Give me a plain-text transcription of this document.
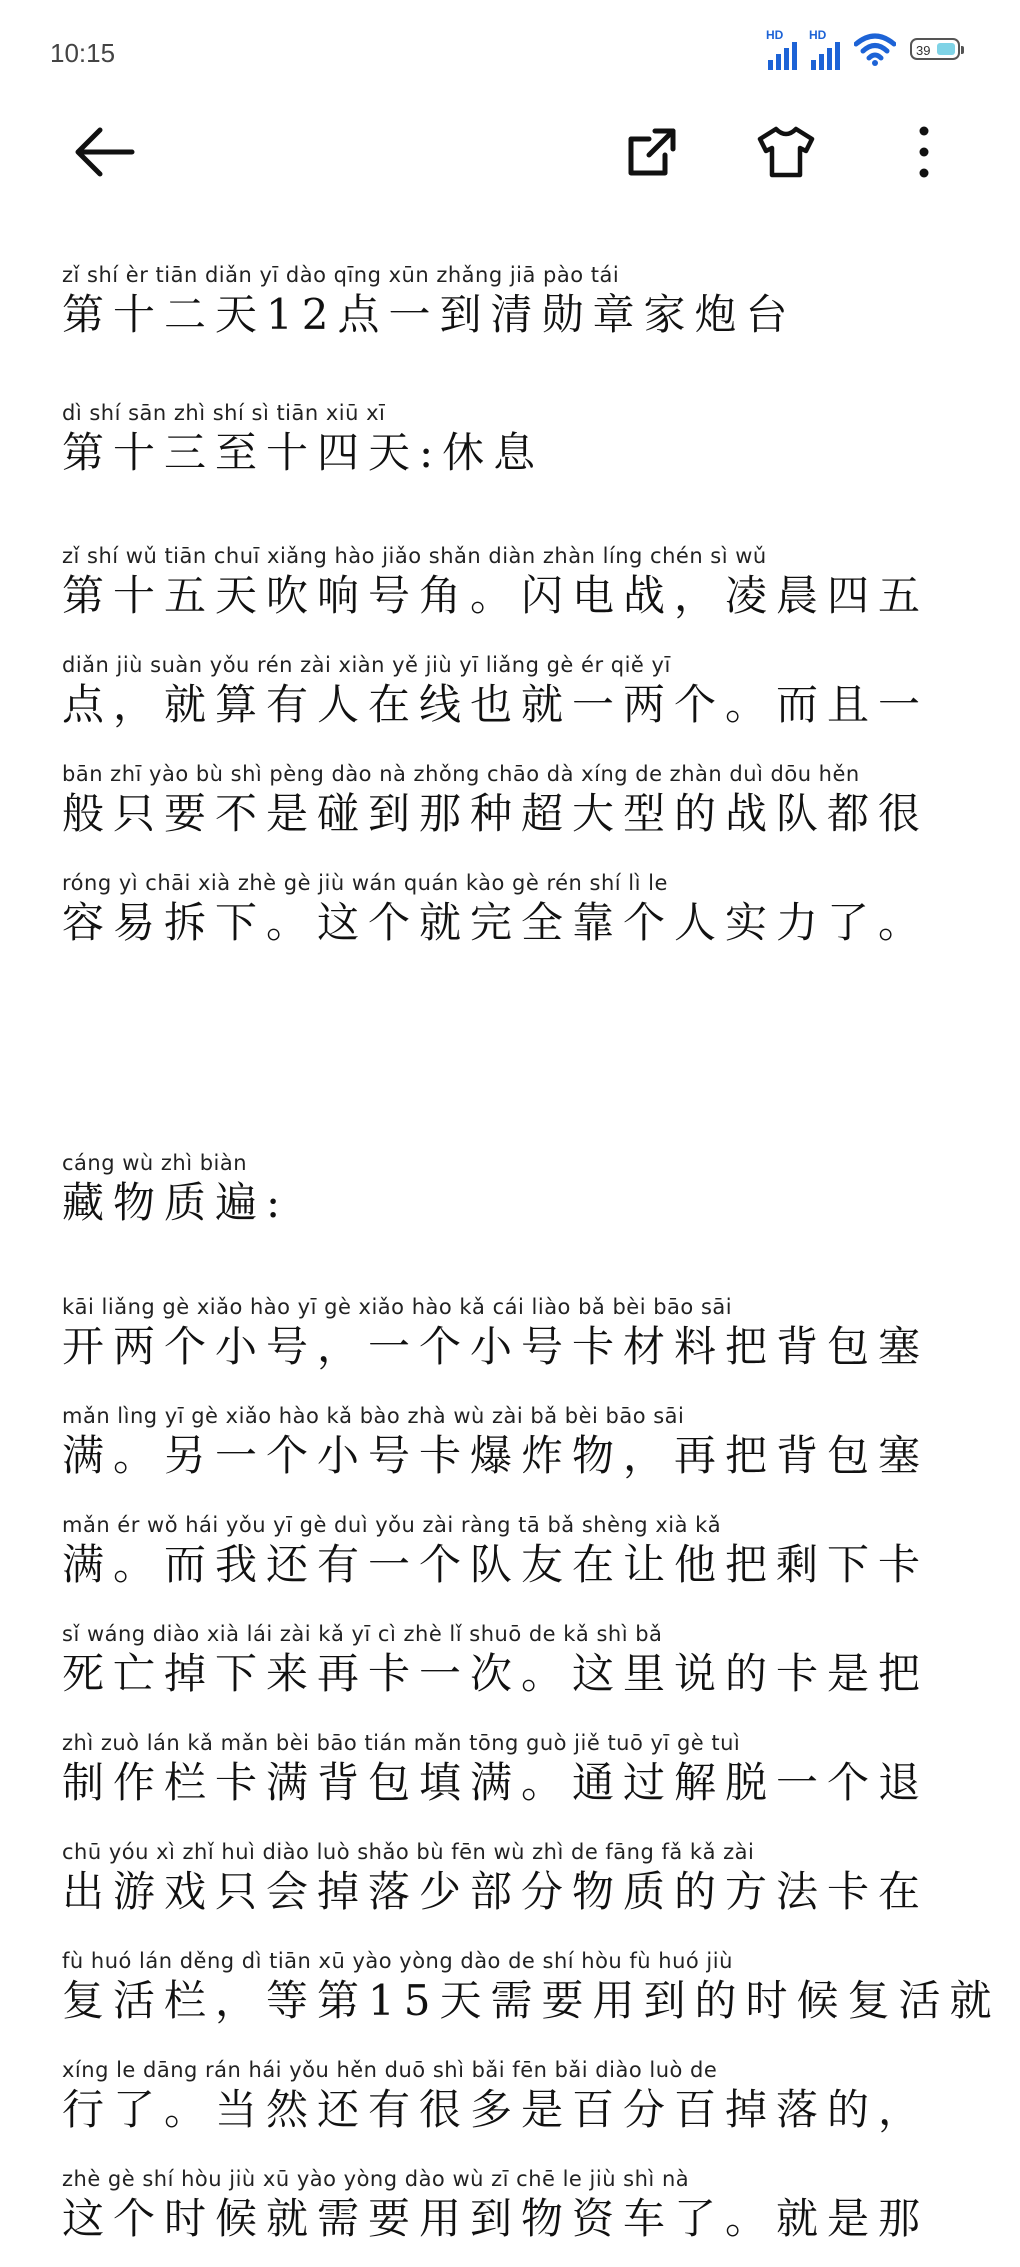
10:15
HD HD
39
zǐ shí èr tiān diǎn yī dào qīng xūn zhǎng jiā pào tái
第十二天12点一到清勋章家炮台
dì shí sān zhì shí sì tiān xiū xī
第十三至十四天:休息
zǐ shí wǔ tiān chuī xiǎng hào jiǎo shǎn diàn zhàn líng chén sì wǔ
第十五天吹响号角。闪电战，凌晨四五
diǎn jiù suàn yǒu rén zài xiàn yě jiù yī liǎng gè ér qiě yī
点，就算有人在线也就一两个。而且一
bān zhī yào bù shì pèng dào nà zhǒng chāo dà xíng de zhàn duì dōu hěn
般只要不是碰到那种超大型的战队都很
róng yì chāi xià zhè gè jiù wán quán kào gè rén shí lì le
容易拆下。这个就完全靠个人实力了。
cáng wù zhì biàn
藏物质遍:
kāi liǎng gè xiǎo hào yī gè xiǎo hào kǎ cái liào bǎ bèi bāo sāi
开两个小号，一个小号卡材料把背包塞
mǎn lìng yī gè xiǎo hào kǎ bào zhà wù zài bǎ bèi bāo sāi
满。另一个小号卡爆炸物，再把背包塞
mǎn ér wǒ hái yǒu yī gè duì yǒu zài ràng tā bǎ shèng xià kǎ
满。而我还有一个队友在让他把剩下卡
sǐ wáng diào xià lái zài kǎ yī cì zhè lǐ shuō de kǎ shì bǎ
死亡掉下来再卡一次。这里说的卡是把
zhì zuò lán kǎ mǎn bèi bāo tián mǎn tōng guò jiě tuō yī gè tuì
制作栏卡满背包填满。通过解脱一个退
chū yóu xì zhǐ huì diào luò shǎo bù fēn wù zhì de fāng fǎ kǎ zài
出游戏只会掉落少部分物质的方法卡在
fù huó lán děng dì tiān xū yào yòng dào de shí hòu fù huó jiù
复活栏，等第15天需要用到的时候复活就
xíng le dāng rán hái yǒu hěn duō shì bǎi fēn bǎi diào luò de
行了。当然还有很多是百分百掉落的，
zhè gè shí hòu jiù xū yào yòng dào wù zī chē le jiù shì nà
这个时候就需要用到物资车了。就是那
